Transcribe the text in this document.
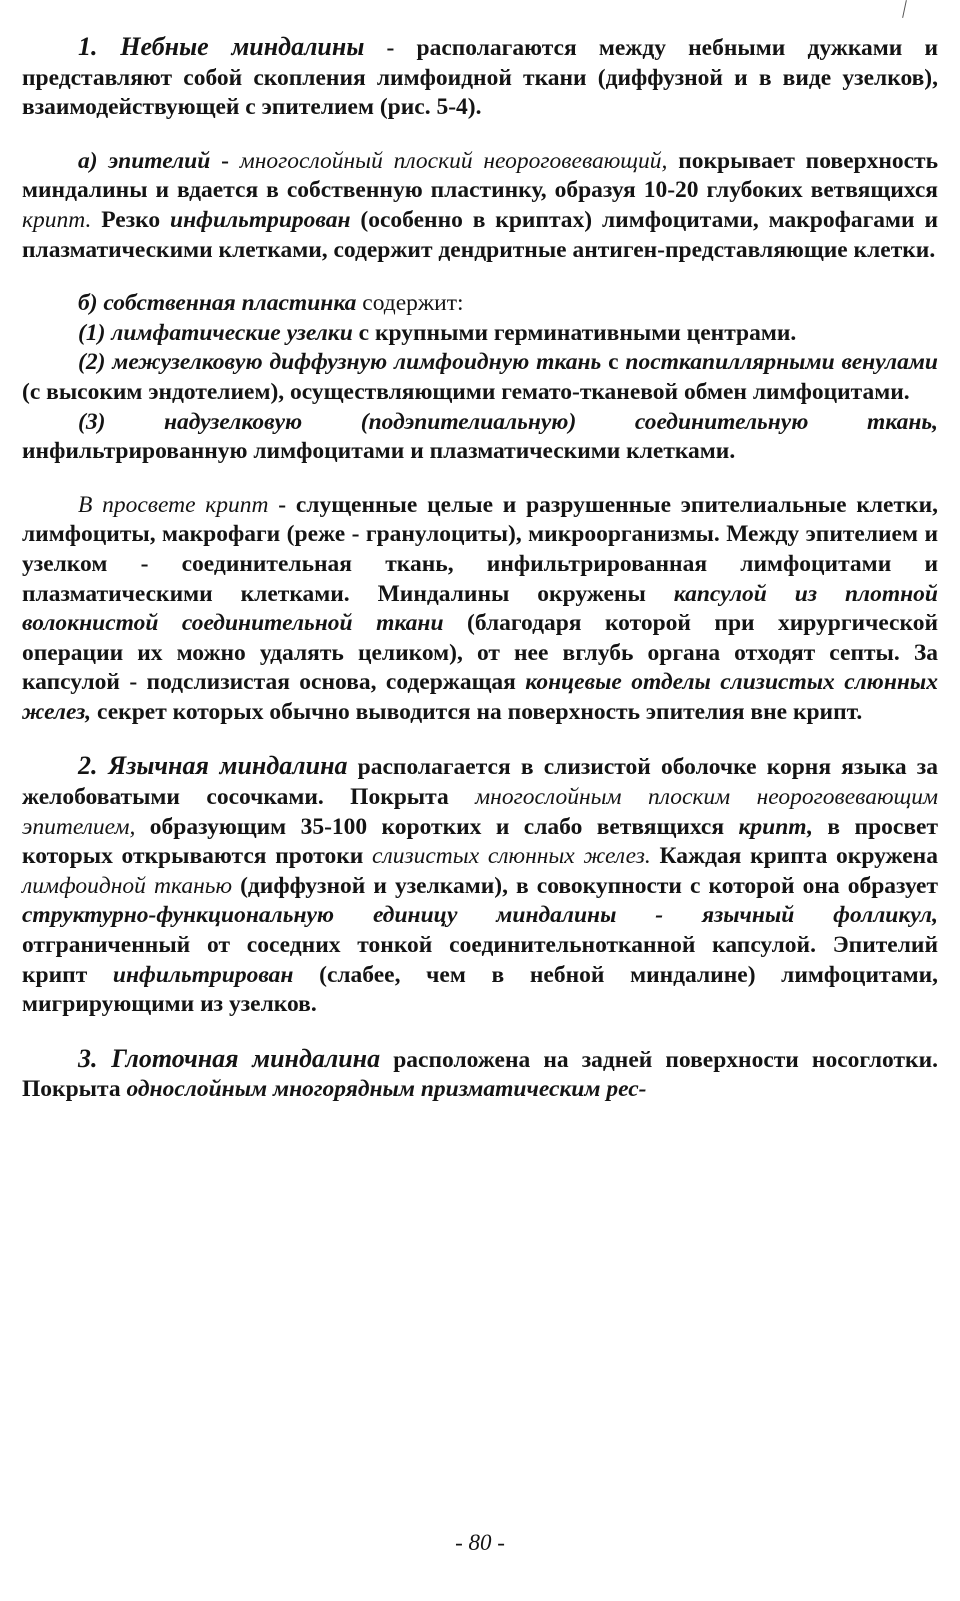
1. Небные миндалины - располагаются между небными дужками и представляют собой скопления лимфоидной ткани (диффузной и в виде узелков), взаимодействующей с эпителием (рис. 5-4).

а) эпителий - многослойный плоский неороговевающий, покрывает поверхность миндалины и вдается в собственную пластинку, образуя 10-20 глубоких ветвящихся крипт. Резко инфильтрирован (особенно в криптах) лимфоцитами, макрофагами и плазматическими клетками, содержит дендритные антиген-представляющие клетки.

б) собственная пластинка содержит:

(1) лимфатические узелки с крупными герминативными центрами.

(2) межузелковую диффузную лимфоидную ткань с посткапиллярными венулами (с высоким эндотелием), осуществляющими гемато-тканевой обмен лимфоцитами.

(3) надузелковую (подэпителиальную) соединительную ткань, инфильтрированную лимфоцитами и плазматическими клетками.

В просвете крипт - слущенные целые и разрушенные эпителиальные клетки, лимфоциты, макрофаги (реже - гранулоциты), микроорганизмы. Между эпителием и узелком - соединительная ткань, инфильтрированная лимфоцитами и плазматическими клетками. Миндалины окружены капсулой из плотной волокнистой соединительной ткани (благодаря которой при хирургической операции их можно удалять целиком), от нее вглубь органа отходят септы. За капсулой - подслизистая основа, содержащая концевые отделы слизистых слюнных желез, секрет которых обычно выводится на поверхность эпителия вне крипт.

2. Язычная миндалина располагается в слизистой оболочке корня языка за желобоватыми сосочками. Покрыта многослойным плоским неороговевающим эпителием, образующим 35-100 коротких и слабо ветвящихся крипт, в просвет которых открываются протоки слизистых слюнных желез. Каждая крипта окружена лимфоидной тканью (диффузной и узелками), в совокупности с которой она образует структурно-функциональную единицу миндалины - язычный фолликул, отграниченный от соседних тонкой соединительнотканной капсулой. Эпителий крипт инфильтрирован (слабее, чем в небной миндалине) лимфоцитами, мигрирующими из узелков.

3. Глоточная миндалина расположена на задней поверхности носоглотки. Покрыта однослойным многорядным призматическим рес-

- 80 -
